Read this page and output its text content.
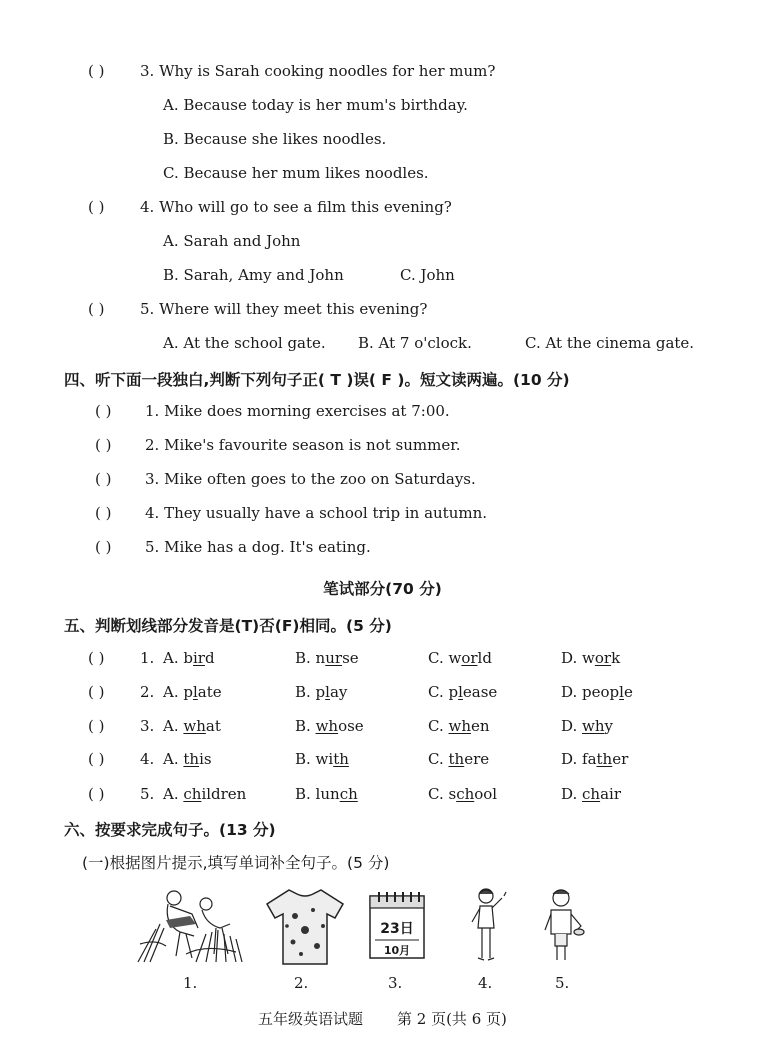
( ) 3. Why is Sarah cooking noodles for her mum?
A. Because today is her mum's birthday.
B. Because she likes noodles.
C. Because her mum likes noodles.
( ) 4. Who will go to see a film this evening?
A. Sarah and John
B. Sarah, Amy and John	C. John
( ) 5. Where will they meet this evening?
A. At the school gate. B. At 7 o'clock.	C. At the cinema gate.
四、听下面一段独白,判断下列句子正( T )误( F )。短文读两遍。(10 分)
( ) 1. Mike does morning exercises at 7:00.
( ) 2. Mike's favourite season is not summer.
( ) 3. Mike often goes to the zoo on Saturdays.
( ) 4. They usually have a school trip in autumn.
( ) 5. Mike has a dog. It's eating.
笔试部分(70 分)
五、判断划线部分发音是(T)否(F)相同。(5 分)
( ) 1. A. bird	B. nurse	C. world	D. work
( ) 2. A. plate	B. play	C. please	D. people
( ) 3. A. what	B. whose	C. when	D. why
( ) 4. A. this	B. with	C. there	D. father
( ) 5. A. children	B. lunch	C. school	D. chair
六、按要求完成句子。(13 分)
(一)根据图片提示,填写单词补全句子。(5 分)
23日
10月
1.	2.	3.	4.	5.
五年级英语试题 第 2 页(共 6 页)
